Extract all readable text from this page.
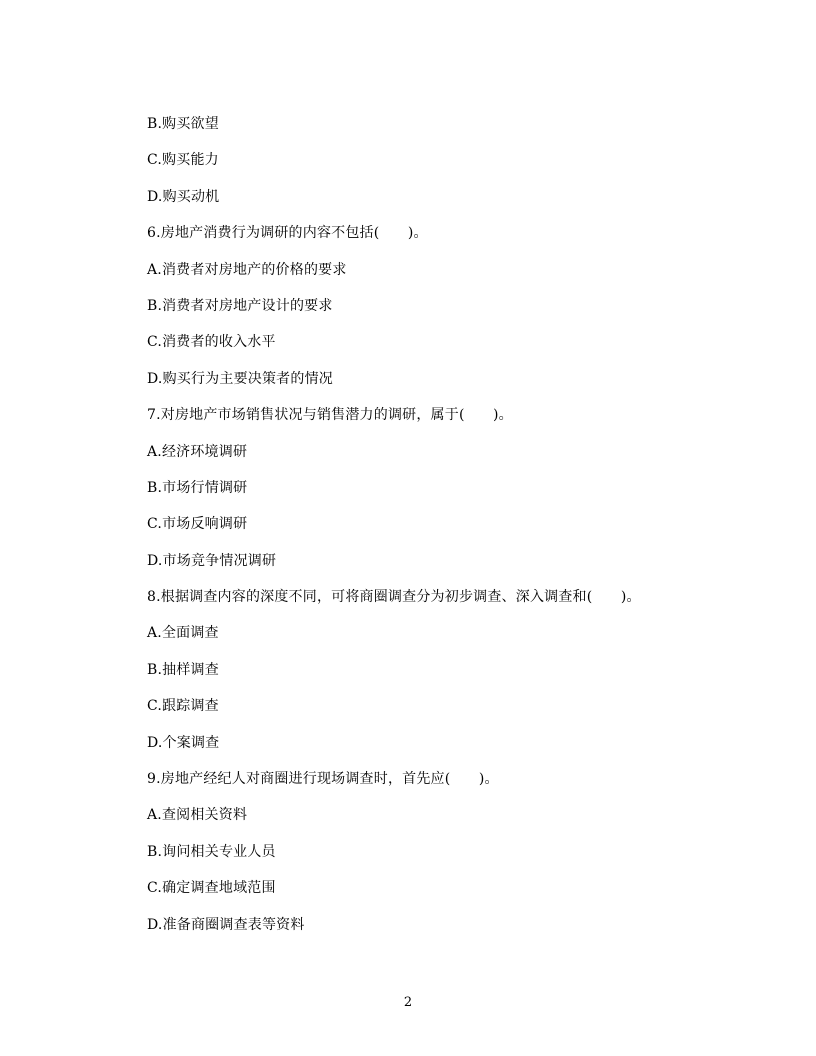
B.购买欲望
C.购买能力
D.购买动机
6.房地产消费行为调研的内容不包括(　　)。
A.消费者对房地产的价格的要求
B.消费者对房地产设计的要求
C.消费者的收入水平
D.购买行为主要决策者的情况
7.对房地产市场销售状况与销售潜力的调研，属于(　　)。
A.经济环境调研
B.市场行情调研
C.市场反响调研
D.市场竞争情况调研
8.根据调查内容的深度不同，可将商圈调查分为初步调查、深入调查和(　　)。
A.全面调查
B.抽样调查
C.跟踪调查
D.个案调查
9.房地产经纪人对商圈进行现场调查时，首先应(　　)。
A.查阅相关资料
B.询问相关专业人员
C.确定调查地域范围
D.准备商圈调查表等资料
2
